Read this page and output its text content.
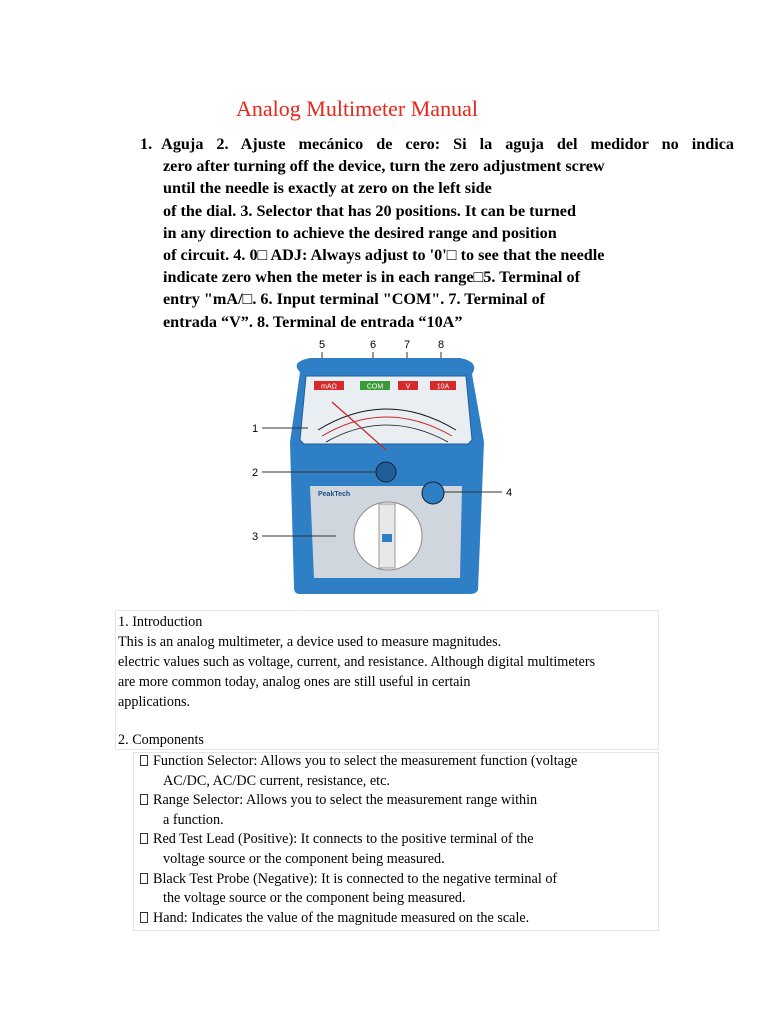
Analog Multimeter Manual
1. Aguja 2. Ajuste mecánico de cero: Si la aguja del medidor no indica
zero after turning off the device, turn the zero adjustment screw
until the needle is exactly at zero on the left side
of the dial. 3. Selector that has 20 positions. It can be turned
in any direction to achieve the desired range and position
of circuit. 4. 0□ ADJ: Always adjust to '0'□ to see that the needle
indicate zero when the meter is in each range□5. Terminal of
entry "mA/□. 6. Input terminal "COM". 7. Terminal of
entrada “V”. 8. Terminal de entrada “10A”
5	6	7	8
mAΩ	COM	V	10A
1
2
PeakTech
3
4
1. Introduction
This is an analog multimeter, a device used to measure magnitudes.
electric values such as voltage, current, and resistance. Although digital multimeters
are more common today, analog ones are still useful in certain
applications.
2. Components
Function Selector: Allows you to select the measurement function (voltage
AC/DC, AC/DC current, resistance, etc.
Range Selector: Allows you to select the measurement range within
a function.
Red Test Lead (Positive): It connects to the positive terminal of the
voltage source or the component being measured.
Black Test Probe (Negative): It is connected to the negative terminal of
the voltage source or the component being measured.
Hand: Indicates the value of the magnitude measured on the scale.
